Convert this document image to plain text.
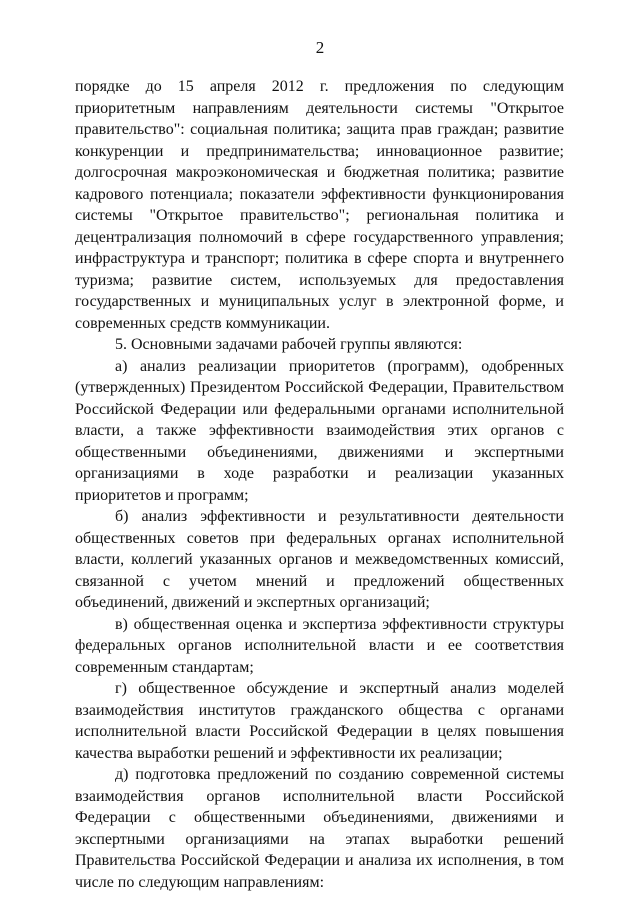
2

порядке до 15 апреля 2012 г. предложения по следующим приоритетным направлениям деятельности системы "Открытое правительство": социальная политика; защита прав граждан; развитие конкуренции и предпринимательства; инновационное развитие; долгосрочная макроэкономическая и бюджетная политика; развитие кадрового потенциала; показатели эффективности функционирования системы "Открытое правительство"; региональная политика и децентрализация полномочий в сфере государственного управления; инфраструктура и транспорт; политика в сфере спорта и внутреннего туризма; развитие систем, используемых для предоставления государственных и муниципальных услуг в электронной форме, и современных средств коммуникации.

5. Основными задачами рабочей группы являются:

а) анализ реализации приоритетов (программ), одобренных (утвержденных) Президентом Российской Федерации, Правительством Российской Федерации или федеральными органами исполнительной власти, а также эффективности взаимодействия этих органов с общественными объединениями, движениями и экспертными организациями в ходе разработки и реализации указанных приоритетов и программ;

б) анализ эффективности и результативности деятельности общественных советов при федеральных органах исполнительной власти, коллегий указанных органов и межведомственных комиссий, связанной с учетом мнений и предложений общественных объединений, движений и экспертных организаций;

в) общественная оценка и экспертиза эффективности структуры федеральных органов исполнительной власти и ее соответствия современным стандартам;

г) общественное обсуждение и экспертный анализ моделей взаимодействия институтов гражданского общества с органами исполнительной власти Российской Федерации в целях повышения качества выработки решений и эффективности их реализации;

д) подготовка предложений по созданию современной системы взаимодействия органов исполнительной власти Российской Федерации с общественными объединениями, движениями и экспертными организациями на этапах выработки решений Правительства Российской Федерации и анализа их исполнения, в том числе по следующим направлениям:
